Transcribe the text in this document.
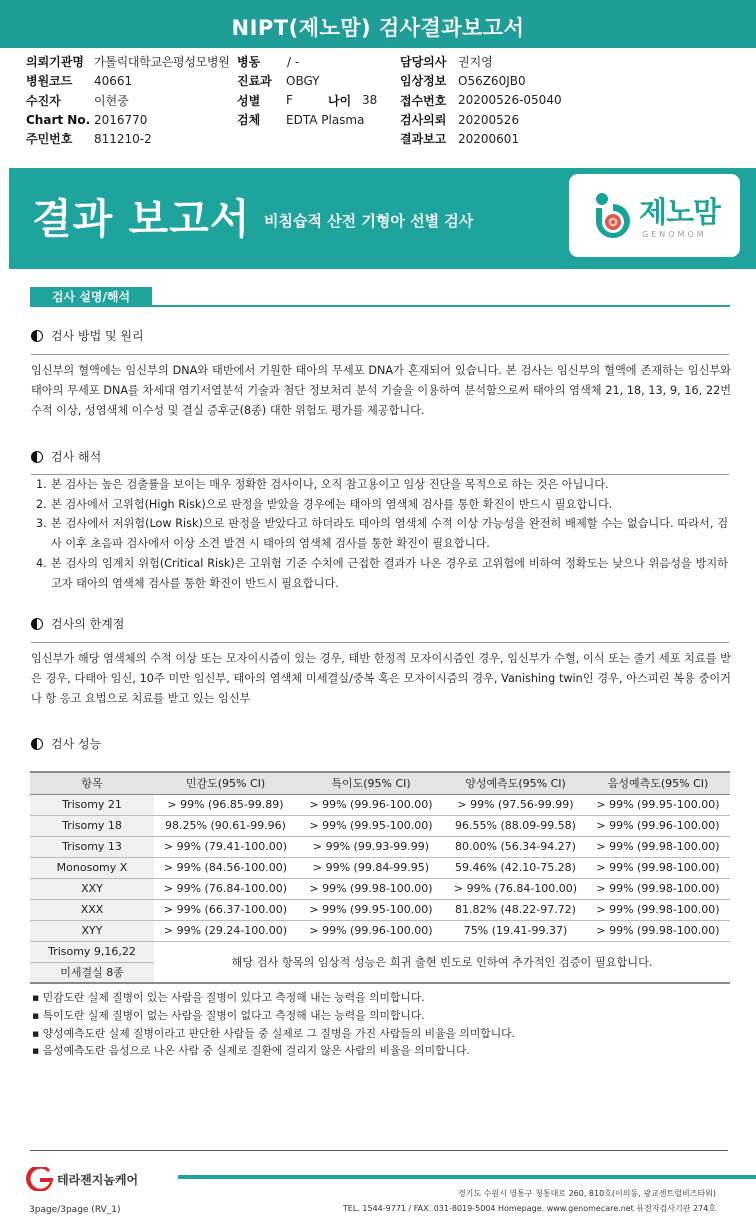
NIPT(제노맘) 검사결과보고서
의뢰기관명 가톨릭대학교은평성모병원
병원코드	40661
수진자	이현중
Chart No. 2016770
주민번호	811210-2
병동	/ -
진료과	OBGY
성별	F	나이 38
검체	EDTA Plasma
담당의사 권지영
임상정보 O56Z60JB0
접수번호 20200526-05040
검사의뢰 20200526
결과보고 20200601
결과 보고서 비침습적 산전 기형아 선별 검사	제노맘
GENOMOM
검사 설명/해석
검사 방법 및 원리
임신부의 혈액에는 임신부의 DNA와 태반에서 기원한 태아의 무세포 DNA가 혼재되어 있습니다. 본 검사는 임신부의 혈액에 존재하는 임신부와 태아의 무세포 DNA를 차세대 염기서열분석 기술과 첨단 정보처리 분석 기술을 이용하여 분석함으로써 태아의 염색체 21, 18, 13, 9, 16, 22번 수적 이상, 성염색체 이수성 및 결실 증후군(8종) 대한 위험도 평가를 제공합니다.
검사 해석
1. 본 검사는 높은 검출률을 보이는 매우 정확한 검사이나, 오직 참고용이고 임상 진단을 목적으로 하는 것은 아닙니다.
2. 본 검사에서 고위험(High Risk)으로 판정을 받았을 경우에는 태아의 염색체 검사를 통한 확진이 반드시 필요합니다.
3. 본 검사에서 저위험(Low Risk)으로 판정을 받았다고 하더라도 태아의 염색체 수적 이상 가능성을 완전히 배제할 수는 없습니다. 따라서, 검사 이후 초음파 검사에서 이상 소견 발견 시 태아의 염색체 검사를 통한 확진이 필요합니다.
4. 본 검사의 임계치 위험(Critical Risk)은 고위험 기준 수치에 근접한 결과가 나온 경우로 고위험에 비하여 정확도는 낮으나 위음성을 방지하고자 태아의 염색체 검사를 통한 확진이 반드시 필요합니다.
검사의 한계점
임신부가 해당 염색체의 수적 이상 또는 모자이시즘이 있는 경우, 태반 한정적 모자이시즘인 경우, 임신부가 수혈, 이식 또는 줄기 세포 치료를 받은 경우, 다태아 임신, 10주 미만 임신부, 태아의 염색체 미세결실/중복 혹은 모자이시즘의 경우, Vanishing twin인 경우, 아스피린 복용 중이거나 항 응고 요법으로 치료를 받고 있는 임신부
검사 성능
항목	민감도(95% CI)	특이도(95% CI)	양성예측도(95% CI)	음성예측도(95% CI)
Trisomy 21	> 99% (96.85-99.89)	> 99% (99.96-100.00)	> 99% (97.56-99.99)	> 99% (99.95-100.00)
Trisomy 18	98.25% (90.61-99.96)	> 99% (99.95-100.00)	96.55% (88.09-99.58)	> 99% (99.96-100.00)
Trisomy 13	> 99% (79.41-100.00)	> 99% (99.93-99.99)	80.00% (56.34-94.27)	> 99% (99.98-100.00)
Monosomy X	> 99% (84.56-100.00)	> 99% (99.84-99.95)	59.46% (42.10-75.28)	> 99% (99.98-100.00)
XXY	> 99% (76.84-100.00)	> 99% (99.98-100.00)	> 99% (76.84-100.00)	> 99% (99.98-100.00)
XXX	> 99% (66.37-100.00)	> 99% (99.95-100.00)	81.82% (48.22-97.72)	> 99% (99.98-100.00)
XYY	> 99% (29.24-100.00)	> 99% (99.96-100.00)	75% (19.41-99.37)	> 99% (99.98-100.00)
Trisomy 9,16,22	해당 검사 항목의 임상적 성능은 희귀 출현 빈도로 인하여 추가적인 검증이 필요합니다.			
미세결실 8종				
▪ 민감도란 실제 질병이 있는 사람을 질병이 있다고 측정해 내는 능력을 의미합니다.
▪ 특이도란 실제 질병이 없는 사람을 질병이 없다고 측정해 내는 능력을 의미합니다.
▪ 양성예측도란 실제 질병이라고 판단한 사람들 중 실제로 그 질병을 가진 사람들의 비율을 의미합니다.
▪ 음성예측도란 음성으로 나온 사람 중 실제로 질환에 걸리지 않은 사람의 비율을 의미합니다.
테라젠지놈케어
경기도 수원시 영통구 청통대로 260, 810호(이의동, 광교센트럴비즈타워)
TEL. 1544-9771 / FAX. 031-8019-5004 Homepage. www.genomecare.net 유전자검사기관 274호
3page/3page (RV_1)
